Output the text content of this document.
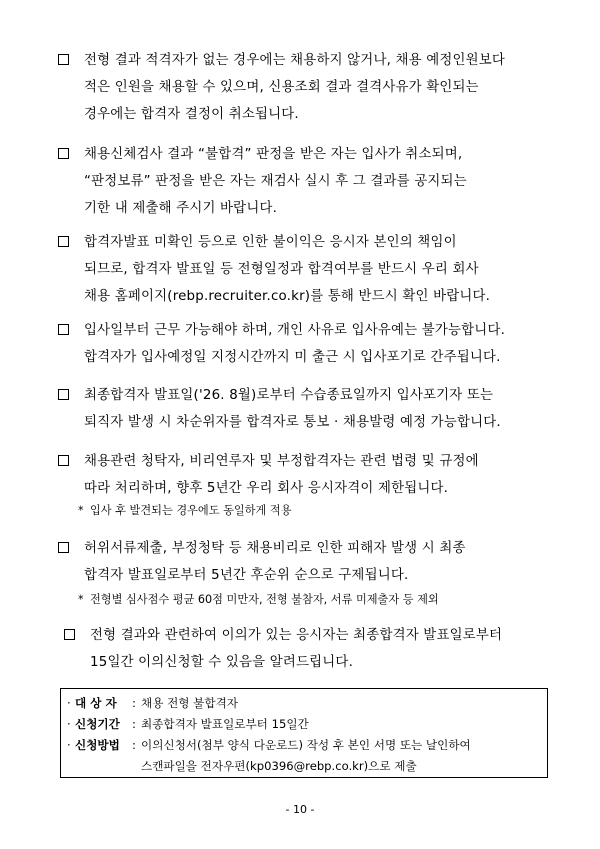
전형 결과 적격자가 없는 경우에는 채용하지 않거나, 채용 예정인원보다
적은 인원을 채용할 수 있으며, 신용조회 결과 결격사유가 확인되는
경우에는 합격자 결정이 취소됩니다.
채용신체검사 결과 “불합격” 판정을 받은 자는 입사가 취소되며,
“판정보류” 판정을 받은 자는 재검사 실시 후 그 결과를 공지되는
기한 내 제출해 주시기 바랍니다.
합격자발표 미확인 등으로 인한 불이익은 응시자 본인의 책임이
되므로, 합격자 발표일 등 전형일정과 합격여부를 반드시 우리 회사
채용 홈페이지(rebp.recruiter.co.kr)를 통해 반드시 확인 바랍니다.
입사일부터 근무 가능해야 하며, 개인 사유로 입사유예는 불가능합니다.
합격자가 입사예정일 지정시간까지 미 출근 시 입사포기로 간주됩니다.
최종합격자 발표일('26. 8월)로부터 수습종료일까지 입사포기자 또는
퇴직자 발생 시 차순위자를 합격자로 통보 · 채용발령 예정 가능합니다.
채용관련 청탁자, 비리연루자 및 부정합격자는 관련 법령 및 규정에
따라 처리하며, 향후 5년간 우리 회사 응시자격이 제한됩니다.
* 입사 후 발견되는 경우에도 동일하게 적용
허위서류제출, 부정청탁 등 채용비리로 인한 피해자 발생 시 최종
합격자 발표일로부터 5년간 후순위 순으로 구제됩니다.
* 전형별 심사점수 평균 60점 미만자, 전형 불참자, 서류 미제출자 등 제외
전형 결과와 관련하여 이의가 있는 응시자는 최종합격자 발표일로부터
15일간 이의신청할 수 있음을 알려드립니다.
· 대 상 자 : 채용 전형 불합격자
· 신청기간 : 최종합격자 발표일로부터 15일간
· 신청방법 : 이의신청서(첨부 양식 다운로드) 작성 후 본인 서명 또는 날인하여
스캔파일을 전자우편(kp0396@rebp.co.kr)으로 제출
- 10 -
